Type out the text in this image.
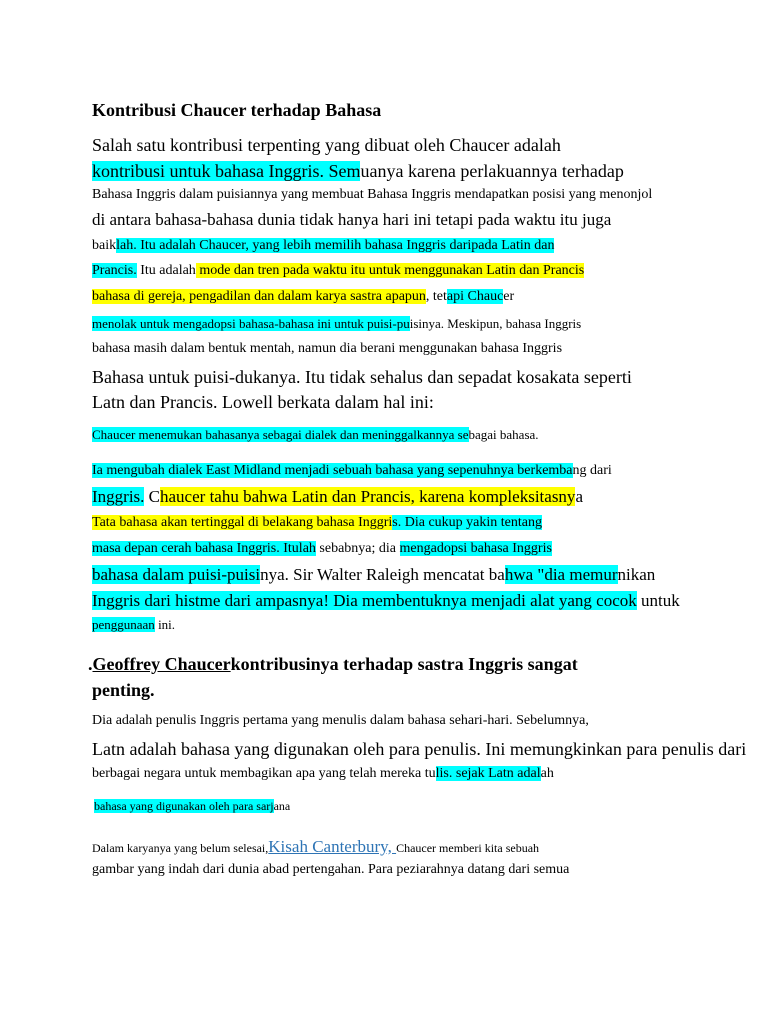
Kontribusi Chaucer terhadap Bahasa
Salah satu kontribusi terpenting yang dibuat oleh Chaucer adalah
kontribusi untuk bahasa Inggris. Semuanya karena perlakuannya terhadap
Bahasa Inggris dalam puisiannya yang membuat Bahasa Inggris mendapatkan posisi yang menonjol
di antara bahasa-bahasa dunia tidak hanya hari ini tetapi pada waktu itu juga
baiklah. Itu adalah Chaucer, yang lebih memilih bahasa Inggris daripada Latin dan
Prancis. Itu adalah mode dan tren pada waktu itu untuk menggunakan Latin dan Prancis
bahasa di gereja, pengadilan dan dalam karya sastra apapun, tetapi Chaucer
menolak untuk mengadopsi bahasa-bahasa ini untuk puisi-puisinya. Meskipun, bahasa Inggris
bahasa masih dalam bentuk mentah, namun dia berani menggunakan bahasa Inggris
Bahasa untuk puisi-dukanya. Itu tidak sehalus dan sepadat kosakata seperti
Latn dan Prancis. Lowell berkata dalam hal ini:
Chaucer menemukan bahasanya sebagai dialek dan meninggalkannya sebagai bahasa.
Ia mengubah dialek East Midland menjadi sebuah bahasa yang sepenuhnya berkembang dari
Inggris. Chaucer tahu bahwa Latin dan Prancis, karena kompleksitasnya
Tata bahasa akan tertinggal di belakang bahasa Inggris. Dia cukup yakin tentang
masa depan cerah bahasa Inggris. Itulah sebabnya; dia mengadopsi bahasa Inggris
bahasa dalam puisi-puisinya. Sir Walter Raleigh mencatat bahwa "dia memurnikan
Inggris dari histme dari ampasnya! Dia membentuknya menjadi alat yang cocok untuk
penggunaan ini.
.Geoffrey Chaucerkontribusinya terhadap sastra Inggris sangat
penting.
Dia adalah penulis Inggris pertama yang menulis dalam bahasa sehari-hari. Sebelumnya,
Latn adalah bahasa yang digunakan oleh para penulis. Ini memungkinkan para penulis dari
berbagai negara untuk membagikan apa yang telah mereka tulis. sejak Latn adalah
bahasa yang digunakan oleh para sarjana
Dalam karyanya yang belum selesai,Kisah Canterbury, Chaucer memberi kita sebuah
gambar yang indah dari dunia abad pertengahan. Para peziarahnya datang dari semua
